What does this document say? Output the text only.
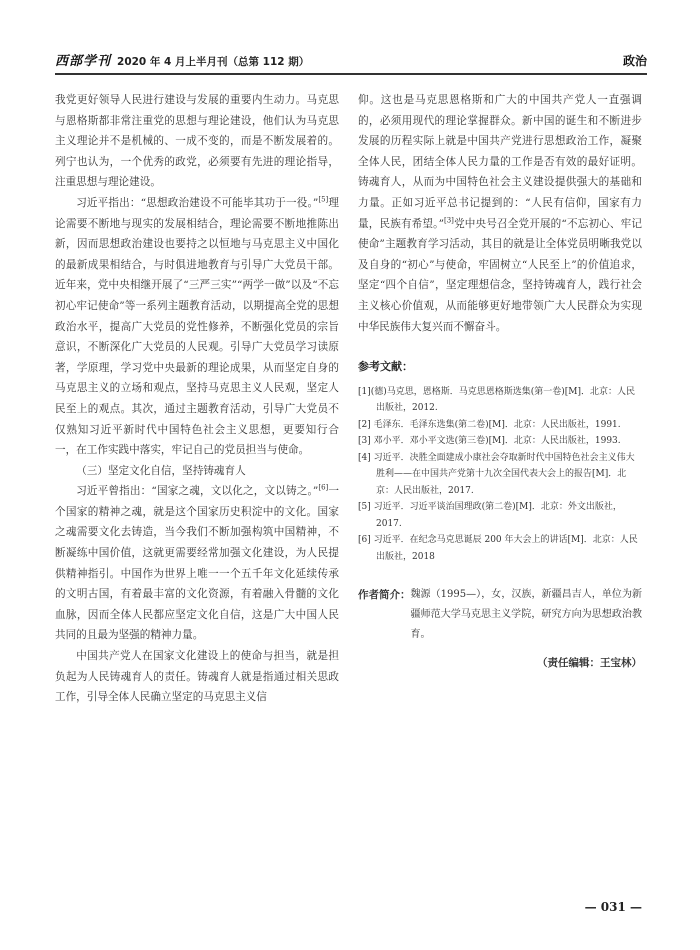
西部学刊 2020 年 4 月上半月刊（总第 112 期）	政治

我党更好领导人民进行建设与发展的重要内生动力。马克思与恩格斯都非常注重党的思想与理论建设，他们认为马克思主义理论并不是机械的、一成不变的，而是不断发展着的。列宁也认为，一个优秀的政党，必须要有先进的理论指导，注重思想与理论建设。

习近平指出：“思想政治建设不可能毕其功于一役。”[5]理论需要不断地与现实的发展相结合，理论需要不断地推陈出新，因而思想政治建设也要持之以恒地与马克思主义中国化的最新成果相结合，与时俱进地教育与引导广大党员干部。近年来，党中央相继开展了“三严三实”“两学一做”以及“不忘初心牢记使命”等一系列主题教育活动，以期提高全党的思想政治水平，提高广大党员的党性修养，不断强化党员的宗旨意识，不断深化广大党员的人民观。引导广大党员学习读原著，学原理，学习党中央最新的理论成果，从而坚定自身的马克思主义的立场和观点，坚持马克思主义人民观，坚定人民至上的观点。其次，通过主题教育活动，引导广大党员不仅熟知习近平新时代中国特色社会主义思想，更要知行合一，在工作实践中落实，牢记自己的党员担当与使命。

（三）坚定文化自信，坚持铸魂育人

习近平曾指出：“国家之魂，文以化之，文以铸之。”[6]一个国家的精神之魂，就是这个国家历史积淀中的文化。国家之魂需要文化去铸造，当今我们不断加强构筑中国精神，不断凝练中国价值，这就更需要经常加强文化建设，为人民提供精神指引。中国作为世界上唯一一个五千年文化延续传承的文明古国，有着最丰富的文化资源，有着融入骨髓的文化血脉，因而全体人民都应坚定文化自信，这是广大中国人民共同的且最为坚强的精神力量。

中国共产党人在国家文化建设上的使命与担当，就是担负起为人民铸魂育人的责任。铸魂育人就是指通过相关思政工作，引导全体人民确立坚定的马克思主义信

仰。这也是马克思恩格斯和广大的中国共产党人一直强调的，必须用现代的理论掌握群众。新中国的诞生和不断进步发展的历程实际上就是中国共产党进行思想政治工作，凝聚全体人民，团结全体人民力量的工作是否有效的最好证明。铸魂育人，从而为中国特色社会主义建设提供强大的基础和力量。正如习近平总书记提到的：“人民有信仰，国家有力量，民族有希望。”[3]党中央号召全党开展的“不忘初心、牢记使命”主题教育学习活动，其目的就是让全体党员明晰我党以及自身的“初心”与使命，牢固树立“人民至上”的价值追求，坚定“四个自信”，坚定理想信念，坚持铸魂育人，践行社会主义核心价值观，从而能够更好地带领广大人民群众为实现中华民族伟大复兴而不懈奋斗。

参考文献：
[1](德)马克思，恩格斯．马克思恩格斯选集(第一卷)[M]．北京：人民出版社，2012.
[2] 毛泽东．毛泽东选集(第二卷)[M]．北京：人民出版社，1991.
[3] 邓小平．邓小平文选(第三卷)[M]．北京：人民出版社，1993.
[4] 习近平．决胜全面建成小康社会夺取新时代中国特色社会主义伟大胜利——在中国共产党第十九次全国代表大会上的报告[M]．北京：人民出版社，2017.
[5] 习近平．习近平谈治国理政(第二卷)[M]．北京：外文出版社，2017.
[6] 习近平．在纪念马克思诞辰 200 年大会上的讲话[M]．北京：人民出版社，2018
作者简介： 魏源（1995—），女，汉族，新疆昌吉人，单位为新疆师范大学马克思主义学院，研究方向为思想政治教育。
（责任编辑：王宝林）
— 031 —
